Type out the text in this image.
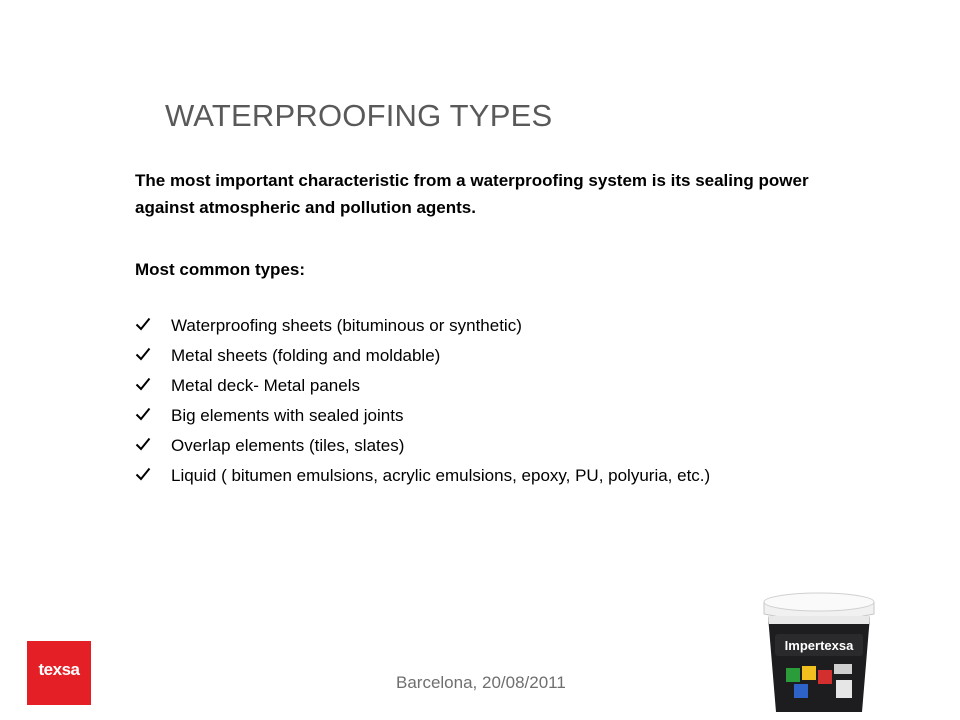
WATERPROOFING TYPES
The most important characteristic from a waterproofing system is its sealing power against atmospheric and pollution agents.
Most common types:
Waterproofing sheets (bituminous or synthetic)
Metal sheets (folding and moldable)
Metal deck- Metal panels
Big elements with sealed joints
Overlap elements (tiles, slates)
Liquid ( bitumen emulsions, acrylic emulsions, epoxy, PU, polyuria, etc.)
texsa
Barcelona, 20/08/2011
Impertexsa
